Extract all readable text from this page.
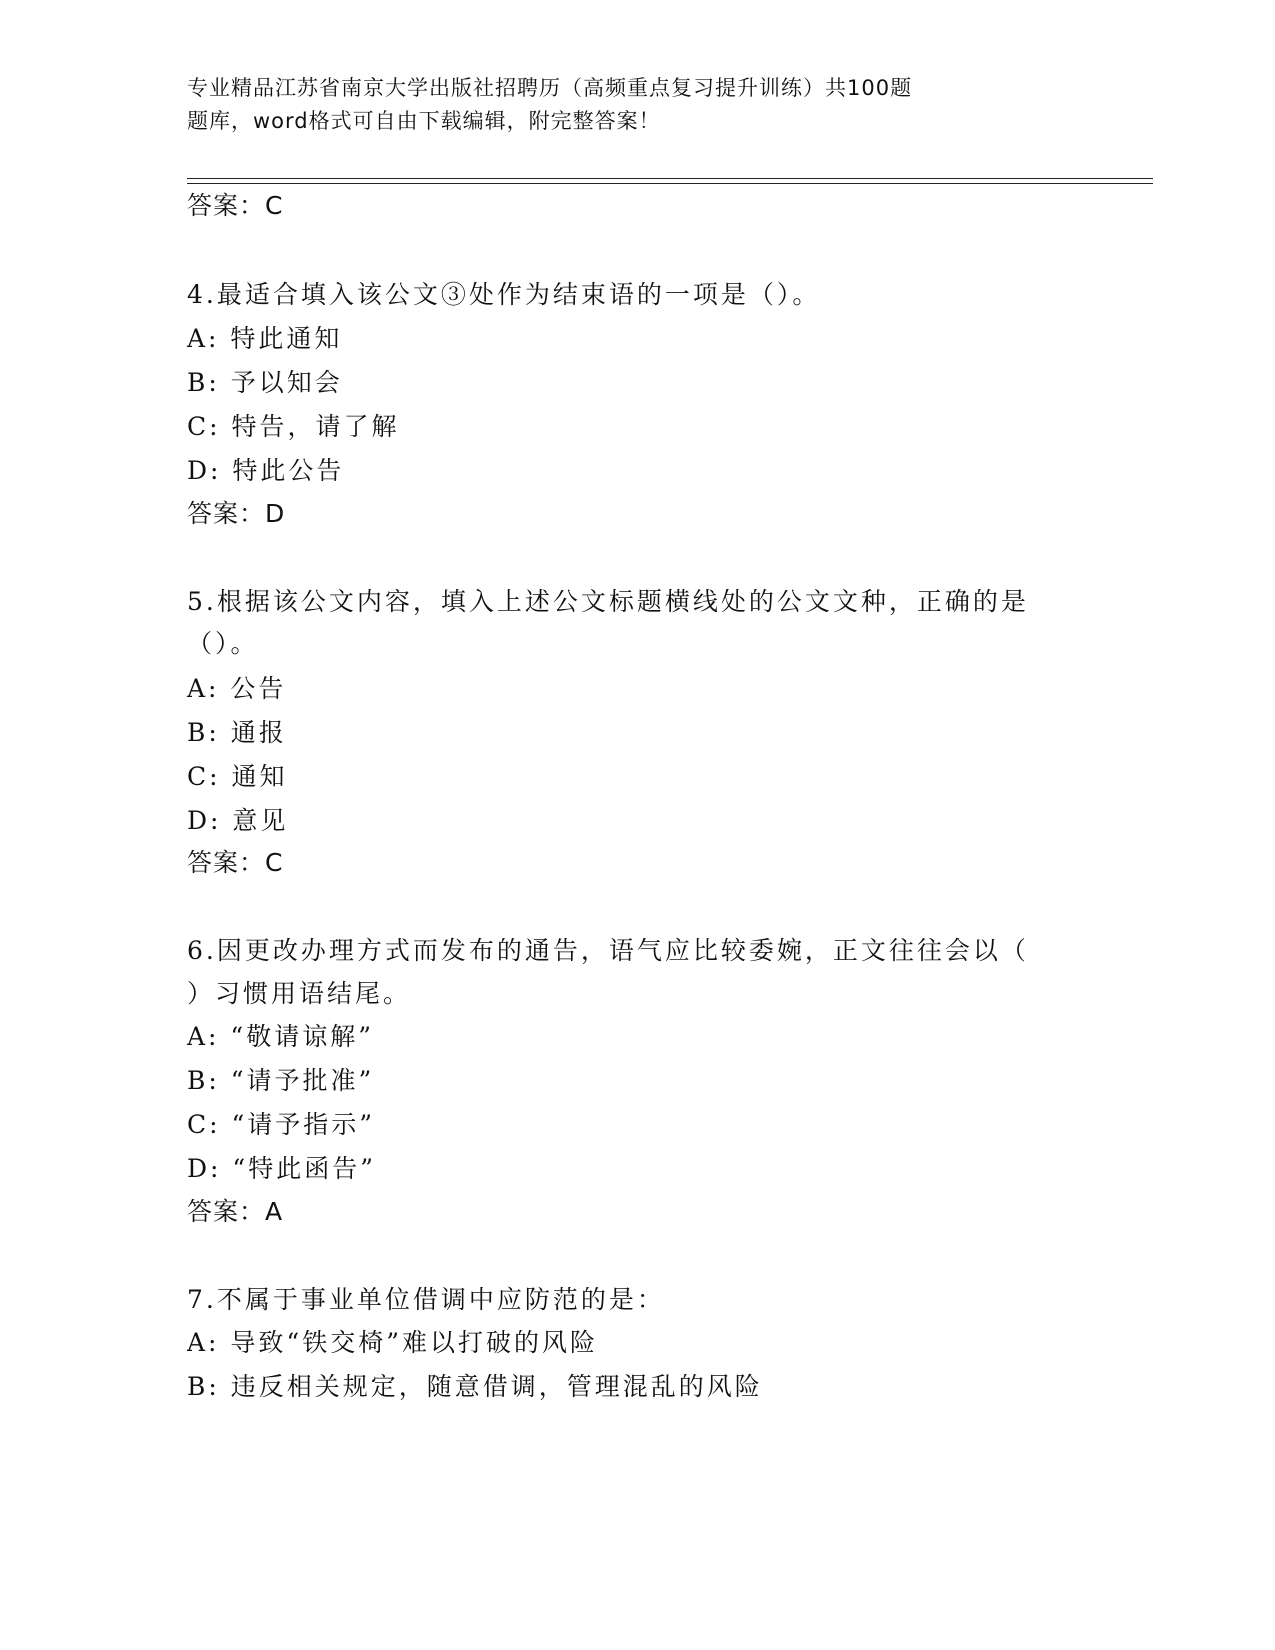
专业精品江苏省南京大学出版社招聘历（高频重点复习提升训练）共100题
题库，word格式可自由下载编辑，附完整答案！
答案：C
4.最适合填入该公文③处作为结束语的一项是（）。
A: 特此通知
B: 予以知会
C: 特告，请了解
D: 特此公告
答案：D
5.根据该公文内容，填入上述公文标题横线处的公文文种，正确的是
（）。
A: 公告
B: 通报
C: 通知
D: 意见
答案：C
6.因更改办理方式而发布的通告，语气应比较委婉，正文往往会以（
）习惯用语结尾。
A: “敬请谅解”
B: “请予批准”
C: “请予指示”
D: “特此函告”
答案：A
7.不属于事业单位借调中应防范的是：
A: 导致“铁交椅”难以打破的风险
B: 违反相关规定，随意借调，管理混乱的风险
